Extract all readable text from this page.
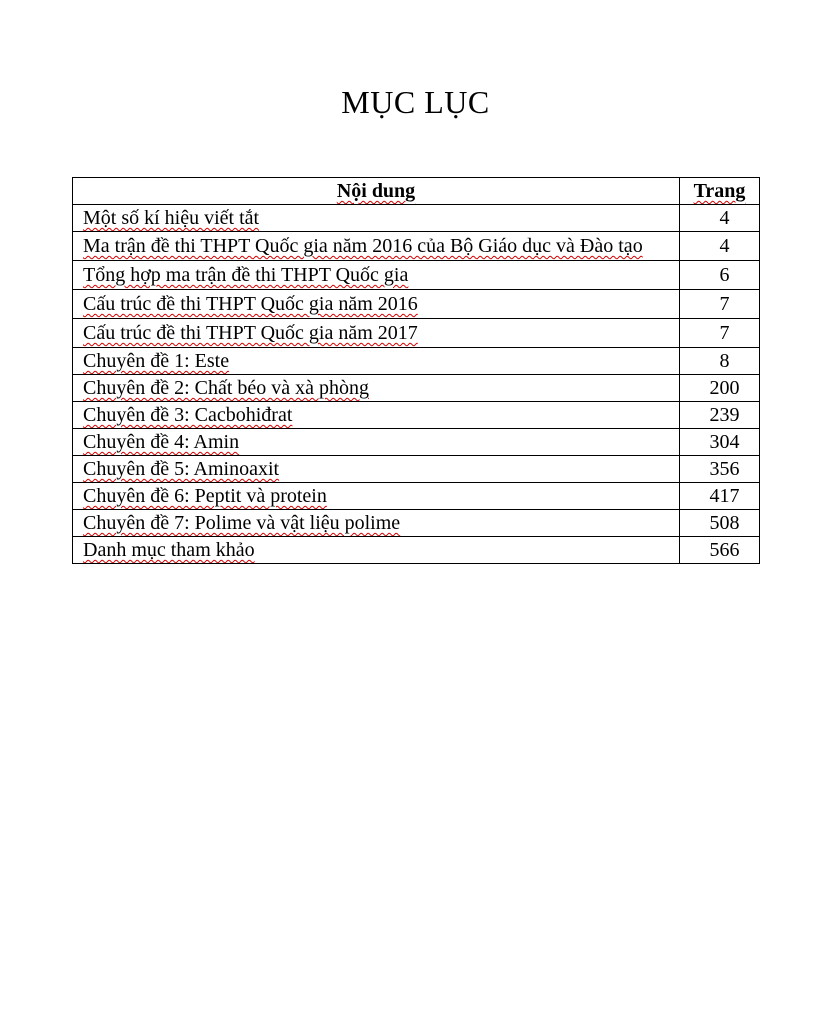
MỤC LỤC
Nội dung	Trang
Một số kí hiệu viết tắt	4
Ma trận đề thi THPT Quốc gia năm 2016 của Bộ Giáo dục và Đào tạo	4
Tổng hợp ma trận đề thi THPT Quốc gia	6
Cấu trúc đề thi THPT Quốc gia năm 2016	7
Cấu trúc đề thi THPT Quốc gia năm 2017	7
Chuyên đề 1: Este	8
Chuyên đề 2: Chất béo và xà phòng	200
Chuyên đề 3: Cacbohiđrat	239
Chuyên đề 4: Amin	304
Chuyên đề 5: Aminoaxit	356
Chuyên đề 6: Peptit và protein	417
Chuyên đề 7: Polime và vật liệu polime	508
Danh mục tham khảo	566
